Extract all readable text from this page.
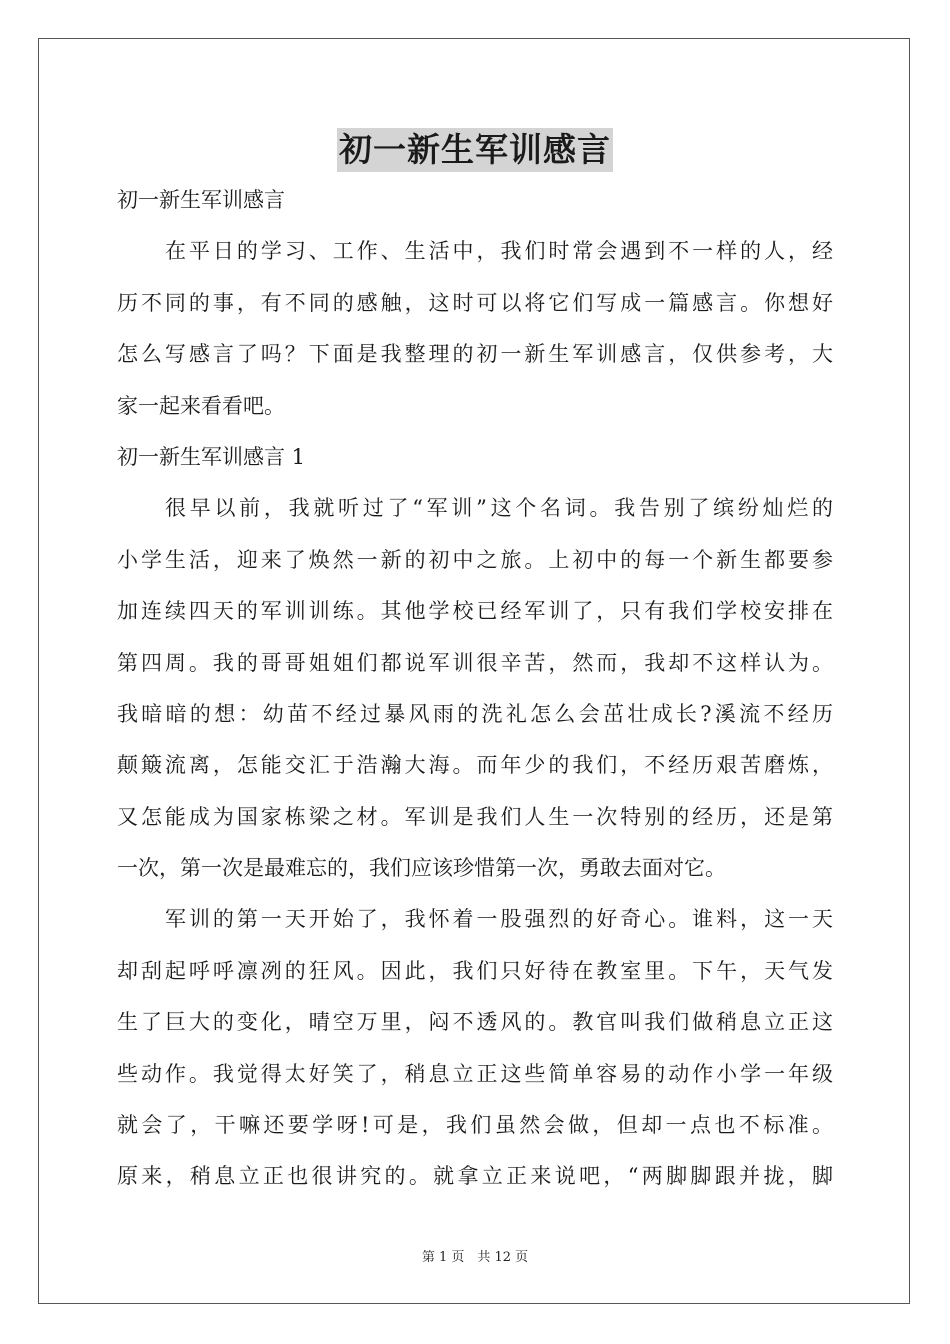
初一新生军训感言
初一新生军训感言
在平日的学习、工作、生活中，我们时常会遇到不一样的人，经
历不同的事，有不同的感触，这时可以将它们写成一篇感言。你想好
怎么写感言了吗？下面是我整理的初一新生军训感言，仅供参考，大
家一起来看看吧。
初一新生军训感言 1
很早以前，我就听过了“军训”这个名词。我告别了缤纷灿烂的
小学生活，迎来了焕然一新的初中之旅。上初中的每一个新生都要参
加连续四天的军训训练。其他学校已经军训了，只有我们学校安排在
第四周。我的哥哥姐姐们都说军训很辛苦，然而，我却不这样认为。
我暗暗的想：幼苗不经过暴风雨的洗礼怎么会茁壮成长?溪流不经历
颠簸流离，怎能交汇于浩瀚大海。而年少的我们，不经历艰苦磨炼，
又怎能成为国家栋梁之材。军训是我们人生一次特别的经历，还是第
一次，第一次是最难忘的，我们应该珍惜第一次，勇敢去面对它。
军训的第一天开始了，我怀着一股强烈的好奇心。谁料，这一天
却刮起呼呼凛冽的狂风。因此，我们只好待在教室里。下午，天气发
生了巨大的变化，晴空万里，闷不透风的。教官叫我们做稍息立正这
些动作。我觉得太好笑了，稍息立正这些简单容易的动作小学一年级
就会了，干嘛还要学呀!可是，我们虽然会做，但却一点也不标准。
原来，稍息立正也很讲究的。就拿立正来说吧，“两脚脚跟并拢，脚
第 1 页　共 12 页
